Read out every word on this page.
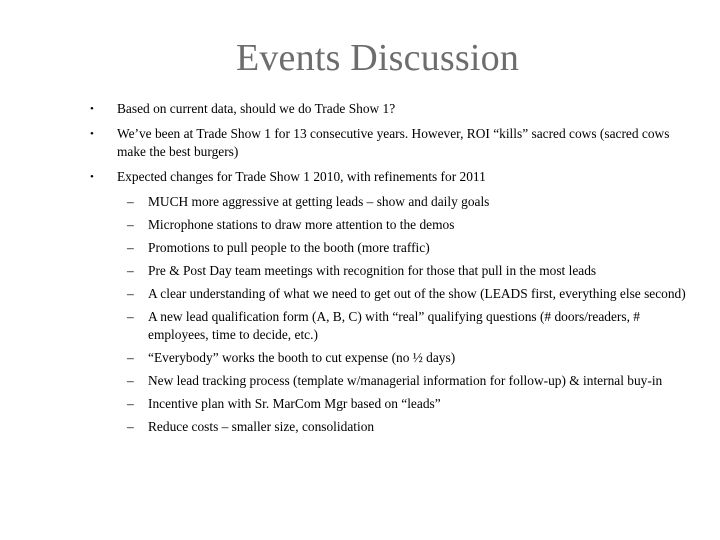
Events Discussion
• Based on current data, should we do Trade Show 1?
• We’ve been at Trade Show 1 for 13 consecutive years. However, ROI “kills” sacred cows (sacred cows make the best burgers)
• Expected changes for Trade Show 1 2010, with refinements for 2011
– MUCH more aggressive at getting leads – show and daily goals
– Microphone stations to draw more attention to the demos
– Promotions to pull people to the booth (more traffic)
– Pre & Post Day team meetings with recognition for those that pull in the most leads
– A clear understanding of what we need to get out of the show (LEADS first, everything else second)
– A new lead qualification form (A, B, C) with “real” qualifying questions (# doors/readers, # employees, time to decide, etc.)
– “Everybody” works the booth to cut expense (no ½ days)
– New lead tracking process (template w/managerial information for follow-up) & internal buy-in
– Incentive plan with Sr. MarCom Mgr based on “leads”
– Reduce costs – smaller size, consolidation
